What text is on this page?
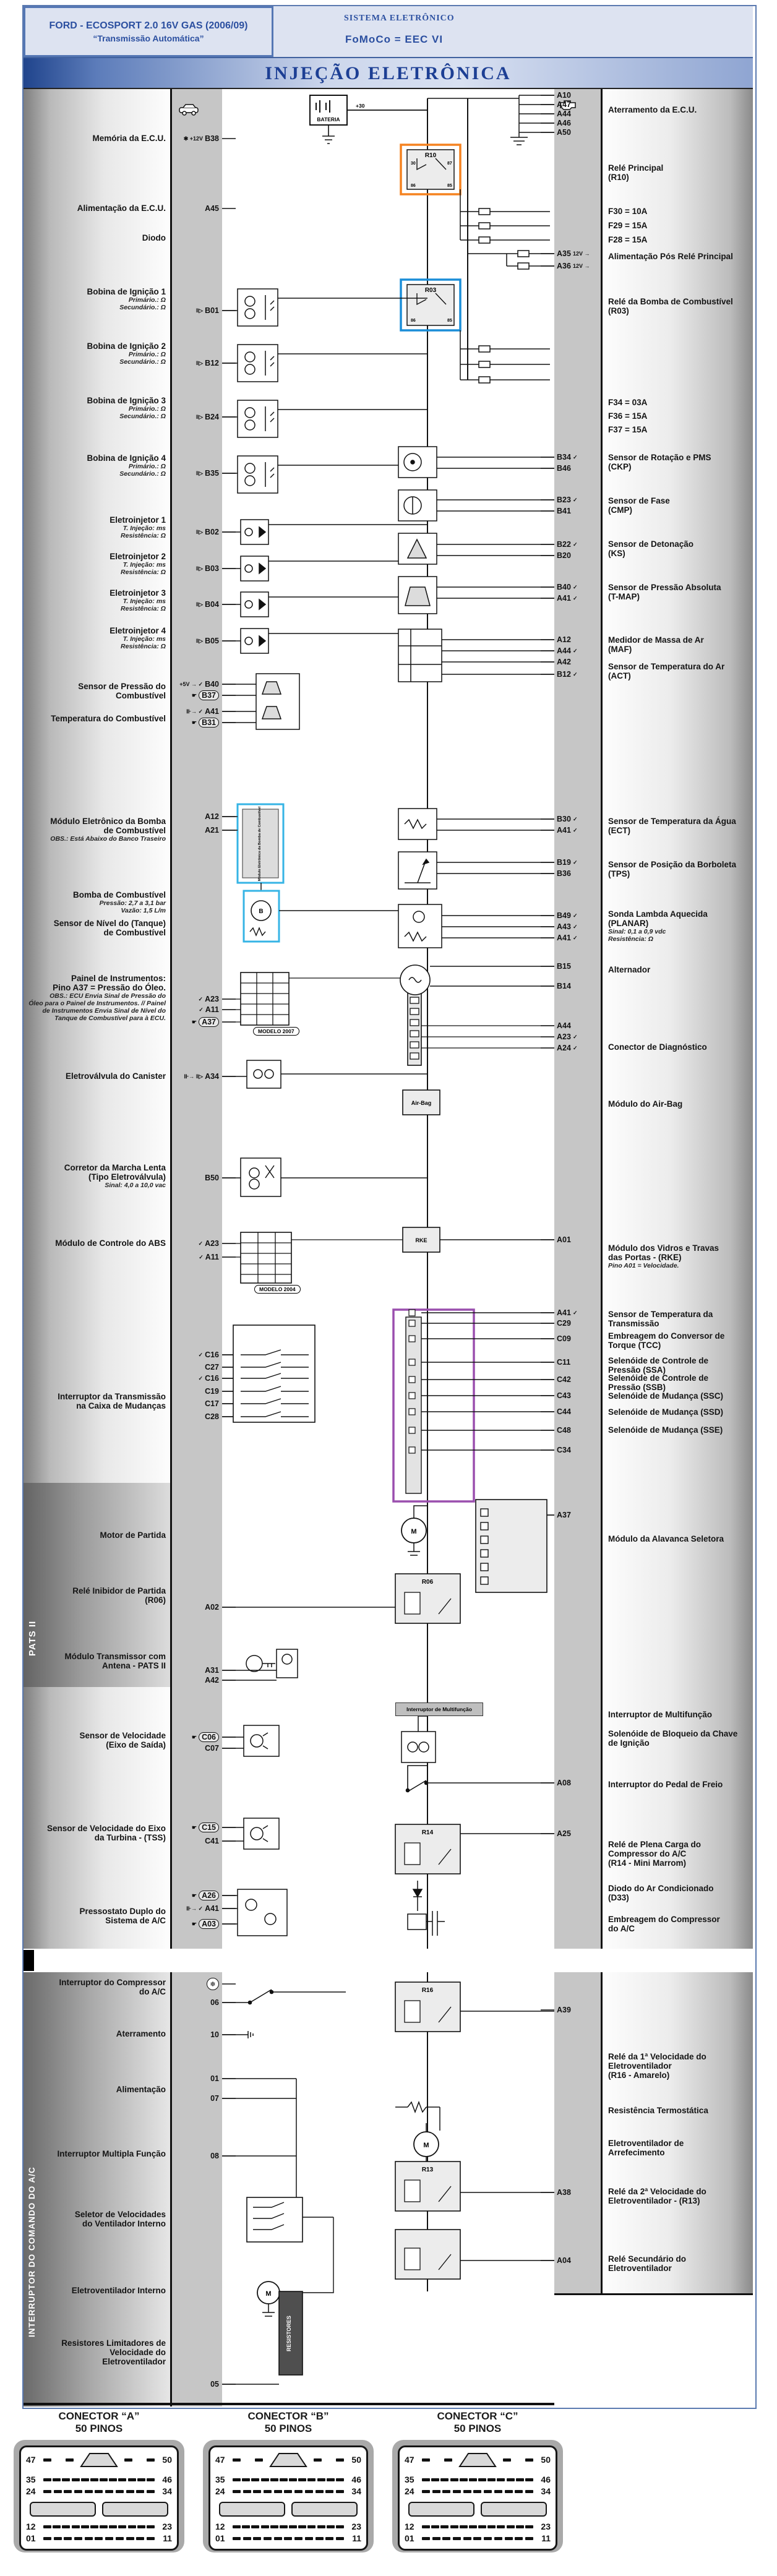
FORD - ECOSPORT 2.0 16V GAS (2006/09)
“Transmissão Automática”
SISTEMA ELETRÔNICO
FoMoCo = EEC VI
INJEÇÃO ELETRÔNICA
PATS II
INTERRUPTOR DO COMANDO DO A/C
Memória da E.C.U.
Alimentação da E.C.U.
Diodo
Bobina de Ignição 1
Primário.: Ω
Secundário.: Ω
Bobina de Ignição 2
Primário.: Ω
Secundário.: Ω
Bobina de Ignição 3
Primário.: Ω
Secundário.: Ω
Bobina de Ignição 4
Primário.: Ω
Secundário.: Ω
Eletroinjetor 1
T. Injeção: ms
Resistência: Ω
Eletroinjetor 2
T. Injeção: ms
Resistência: Ω
Eletroinjetor 3
T. Injeção: ms
Resistência: Ω
Eletroinjetor 4
T. Injeção: ms
Resistência: Ω
Sensor de Pressão do
Combustível
Temperatura do Combustível
Módulo Eletrônico da Bomba
de Combustível
OBS.: Está Abaixo do Banco Traseiro
Bomba de Combustível
Pressão: 2,7 a 3,1 bar
Vazão: 1,5 L/m
Sensor de Nível do (Tanque)
de Combustível
Painel de Instrumentos:
Pino A37 = Pressão do Óleo.
OBS.: ECU Envia Sinal de Pressão do
Óleo para o Painel de Instrumentos. // Painel
de Instrumentos Envia Sinal de Nível do
Tanque de Combustível para à ECU.
Eletroválvula do Canister
Corretor da Marcha Lenta
(Tipo Eletroválvula)
Sinal: 4,0 a 10,0 vac
Módulo de Controle do ABS
Interruptor da Transmissão
na Caixa de Mudanças
Motor de Partida
Relé Inibidor de Partida
(R06)
Módulo Transmissor com
Antena - PATS II
Sensor de Velocidade
(Eixo de Saída)
Sensor de Velocidade do Eixo
da Turbina - (TSS)
Pressostato Duplo do
Sistema de A/C
Interruptor do Compressor
do A/C
Aterramento
Alimentação
Interruptor Multipla Função
Seletor de Velocidades
do Ventilador Interno
Eletroventilador Interno
Resistores Limitadores de
Velocidade do
Eletroventilador
✱ +12V B38
A45
‖▷ B01
‖▷ B12
‖▷ B24
‖▷ B35
‖▷ B02
‖▷ B03
‖▷ B04
‖▷ B05
+5V → ✓ B40
☛ B37
⊪→ ✓ A41
☛ B31
A12
A21
✓ A23
✓ A11
☛ A37
⊪→ ‖▷ A34
B50
✓ A23
✓ A11
✓ C16
C27
✓ C16
C19
C17
C28
A02
A31
A42
☛ C06
C07
☛ C15
C41
☛ A26
⊪→ ✓ A41
☛ A03
❄
06
10
01
07
08
05
BATERIA
+30
R10
86	85
30	87
R03
86	85
Módulo Eletrônico da Bomba de Combustível
B
Air-Bag
RKE
M
R06
R14
M
RESISTORES
R16
M
R13
MODELO 2007
MODELO 2004
Interruptor de Multifunção
A10
A47
A44
A46
A50
A35 12V →
A36 12V →
B34 ✓
B46
B23 ✓
B41
B22 ✓
B20
B40 ✓
A41 ✓
A12
A44 ✓
A42
B12 ✓
B30 ✓
A41 ✓
B19 ✓
B36
B49 ✓
A43 ✓
A41 ✓
B15
B14
A44
A23 ✓
A24 ✓
A01
A41 ✓
C29
C09
C11
C42
C43
C44
C48
C34
A37
A08
A25
A39
A38
A04
Aterramento da E.C.U.
Relé Principal
(R10)
F30 = 10A
F29 = 15A
F28 = 15A
Alimentação Pós Relé Principal
Relé da Bomba de Combustível
(R03)
F34 = 03A
F36 = 15A
F37 = 15A
Sensor de Rotação e PMS
(CKP)
Sensor de Fase
(CMP)
Sensor de Detonação
(KS)
Sensor de Pressão Absoluta
(T-MAP)
Medidor de Massa de Ar
(MAF)
Sensor de Temperatura do Ar
(ACT)
Sensor de Temperatura da Água
(ECT)
Sensor de Posição da Borboleta
(TPS)
Sonda Lambda Aquecida
(PLANAR)
Sinal: 0,1 a 0,9 vdc
Resistência: Ω
Alternador
Conector de Diagnóstico
Módulo do Air-Bag
Módulo dos Vidros e Travas
das Portas - (RKE)
Pino A01 = Velocidade.
Sensor de Temperatura da
Transmissão
Embreagem do Conversor de
Torque (TCC)
Selenóide de Controle de
Pressão (SSA)
Selenóide de Controle de
Pressão (SSB)
Selenóide de Mudança (SSC)
Selenóide de Mudança (SSD)
Selenóide de Mudança (SSE)
Módulo da Alavanca Seletora
Interruptor de Multifunção
Solenóide de Bloqueio da Chave
de Ignição
Interruptor do Pedal de Freio
Relé de Plena Carga do
Compressor do A/C
(R14 - Mini Marrom)
Diodo do Ar Condicionado
(D33)
Embreagem do Compressor
do A/C
Relé da 1ª Velocidade do
Eletroventilador
(R16 - Amarelo)
Resistência Termostática
Eletroventilador de
Arrefecimento
Relé da 2ª Velocidade do
Eletroventilador - (R13)
Relé Secundário do
Eletroventilador
CONECTOR “A”
50 PINOS
47	50
35	46
24	34
12	23
01	11
CONECTOR “B”
50 PINOS
47	50
35	46
24	34
12	23
01	11
CONECTOR “C”
50 PINOS
47	50
35	46
24	34
12	23
01	11
